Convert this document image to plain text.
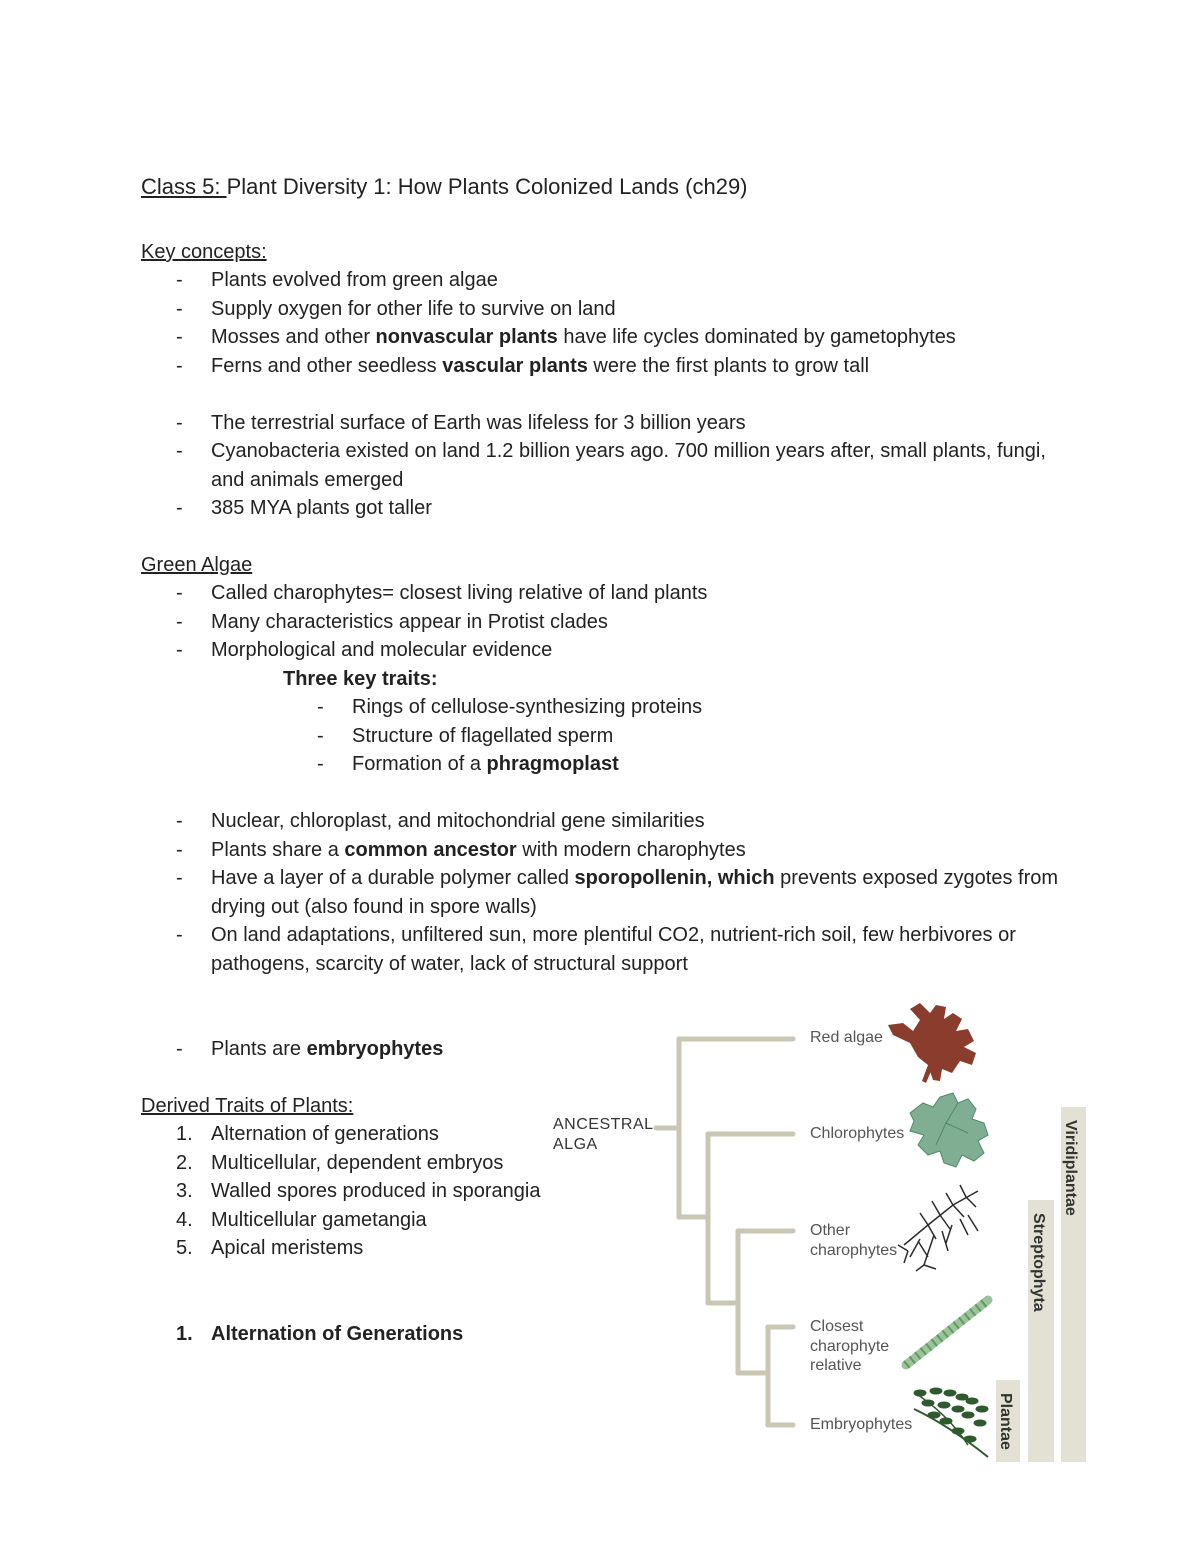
Class 5: Plant Diversity 1: How Plants Colonized Lands (ch29)
Key concepts:
- Plants evolved from green algae
- Supply oxygen for other life to survive on land
- Mosses and other nonvascular plants have life cycles dominated by gametophytes
- Ferns and other seedless vascular plants were the first plants to grow tall
- The terrestrial surface of Earth was lifeless for 3 billion years
- Cyanobacteria existed on land 1.2 billion years ago. 700 million years after, small plants, fungi, and animals emerged
- 385 MYA plants got taller
Green Algae
- Called charophytes= closest living relative of land plants
- Many characteristics appear in Protist clades
- Morphological and molecular evidence
Three key traits:
- Rings of cellulose-synthesizing proteins
- Structure of flagellated sperm
- Formation of a phragmoplast
- Nuclear, chloroplast, and mitochondrial gene similarities
- Plants share a common ancestor with modern charophytes
- Have a layer of a durable polymer called sporopollenin, which prevents exposed zygotes from drying out (also found in spore walls)
- On land adaptations, unfiltered sun, more plentiful CO2, nutrient-rich soil, few herbivores or pathogens, scarcity of water, lack of structural support
- Plants are embryophytes
Derived Traits of Plants:
1. Alternation of generations
2. Multicellular, dependent embryos
3. Walled spores produced in sporangia
4. Multicellular gametangia
5. Apical meristems
1. Alternation of Generations
Viridiplantae
Streptophyta
Plantae
ANCESTRAL
ALGA
Red algae
Chlorophytes
Other
charophytes
Closest
charophyte
relative
Embryophytes
